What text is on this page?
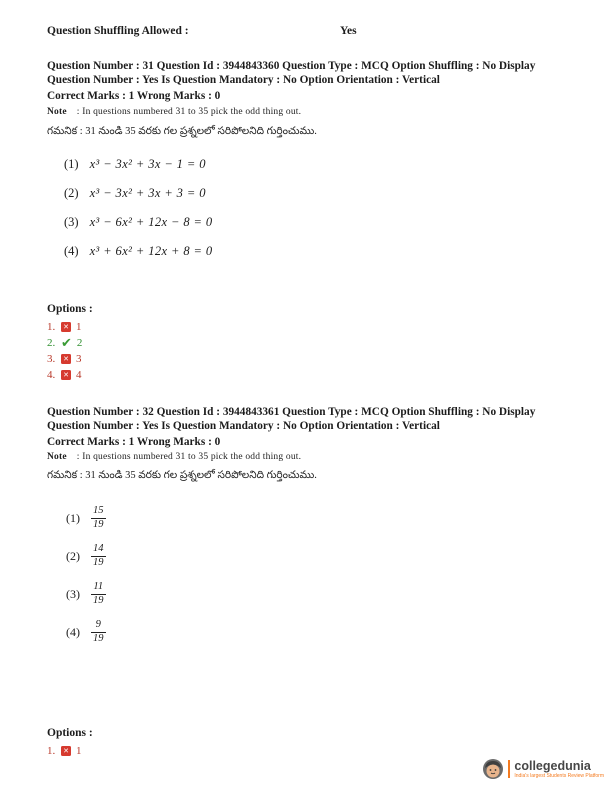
Question Shuffling Allowed :	Yes

Question Number : 31 Question Id : 3944843360 Question Type : MCQ Option Shuffling : No Display Question Number : Yes Is Question Mandatory : No Option Orientation : Vertical

Correct Marks : 1 Wrong Marks : 0

Note : In questions numbered 31 to 35 pick the odd thing out.
గమనిక : 31 నుండి 35 వరకు గల ప్రశ్నలలో సరిపోలనిది గుర్తించుము.
(1) x³ − 3x² + 3x − 1 = 0
(2) x³ − 3x² + 3x + 3 = 0
(3) x³ − 6x² + 12x − 8 = 0
(4) x³ + 6x² + 12x + 8 = 0
Options :
1. ✕ 1
2. ✔ 2
3. ✕ 3
4. ✕ 4

Question Number : 32 Question Id : 3944843361 Question Type : MCQ Option Shuffling : No Display Question Number : Yes Is Question Mandatory : No Option Orientation : Vertical

Correct Marks : 1 Wrong Marks : 0

Note : In questions numbered 31 to 35 pick the odd thing out.
గమనిక : 31 నుండి 35 వరకు గల ప్రశ్నలలో సరిపోలనిది గుర్తించుము.
$(1) \frac{15}{19}$
$(2) \frac{14}{19}$
$(3) \frac{11}{19}$
$(4) \frac{9}{19}$
Options :
1. ✕ 1
collegedunia
India's largest Students Review Platform
